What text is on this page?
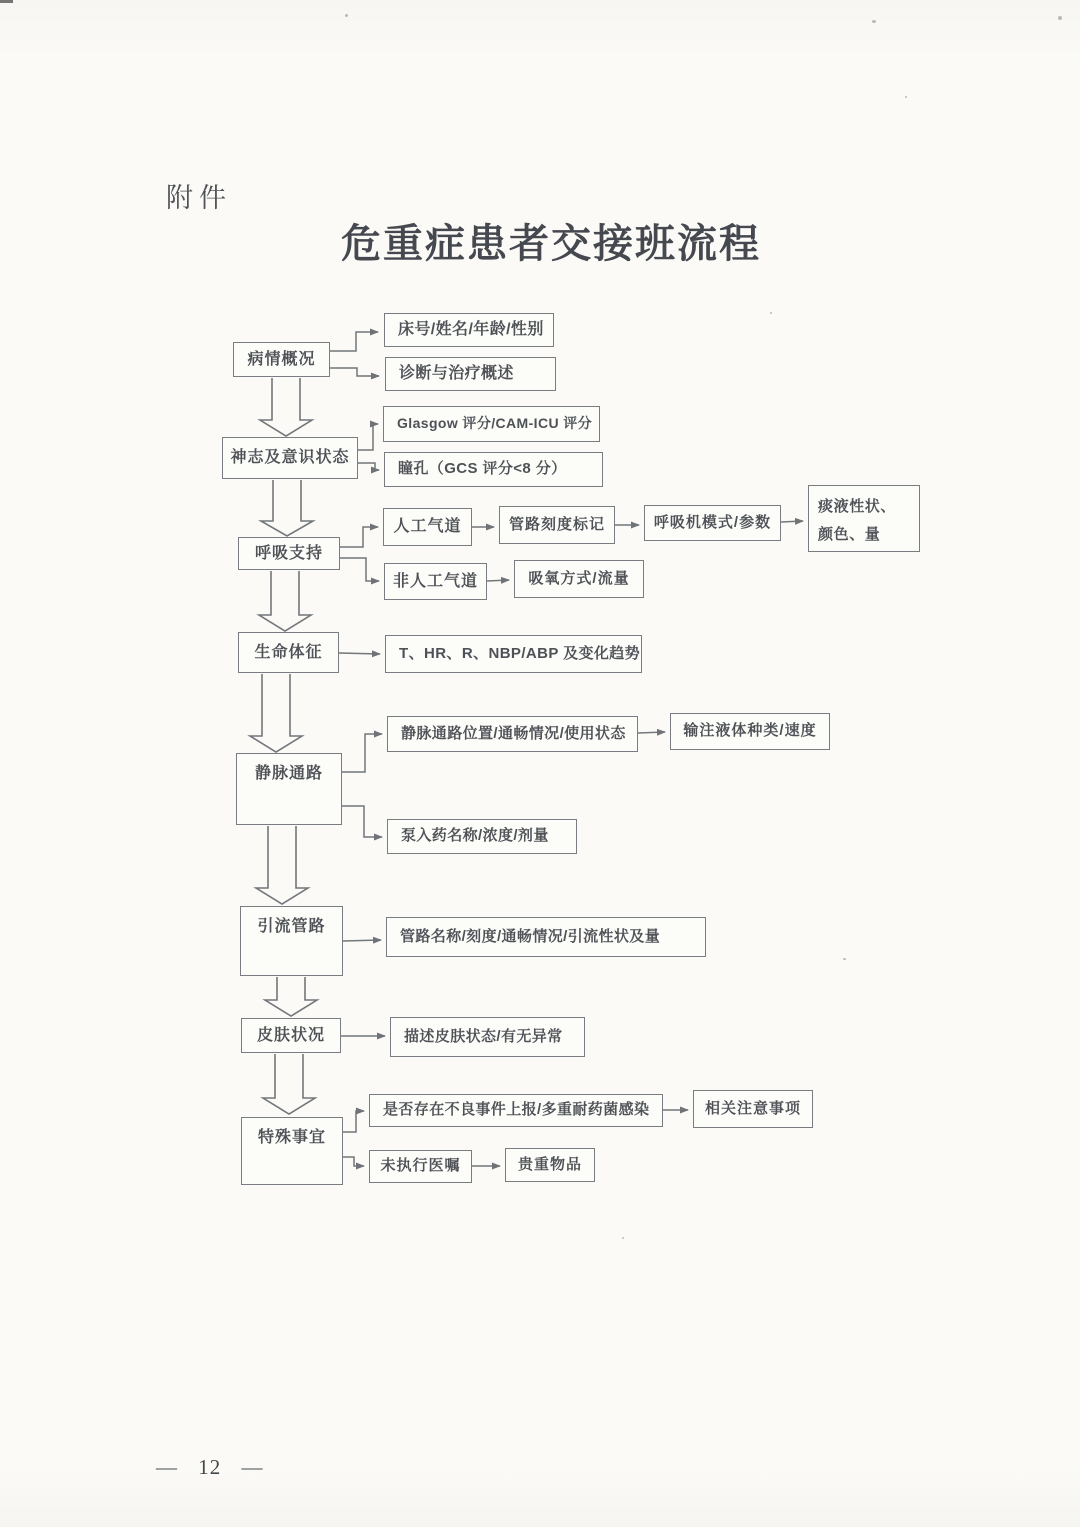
附件
危重症患者交接班流程
病情概况
神志及意识状态
呼吸支持
生命体征
静脉通路
引流管路
皮肤状况
特殊事宜
床号/姓名/年龄/性别
诊断与治疗概述
Glasgow 评分/CAM-ICU 评分
瞳孔（GCS 评分<8 分）
人工气道	管路刻度标记	呼吸机模式/参数
痰液性状、颜色、量
非人工气道	吸氧方式/流量
T、HR、R、NBP/ABP 及变化趋势
静脉通路位置/通畅情况/使用状态	输注液体种类/速度
泵入药名称/浓度/剂量
管路名称/刻度/通畅情况/引流性状及量
描述皮肤状态/有无异常
是否存在不良事件上报/多重耐药菌感染	相关注意事项
未执行医嘱	贵重物品
— 12 —
